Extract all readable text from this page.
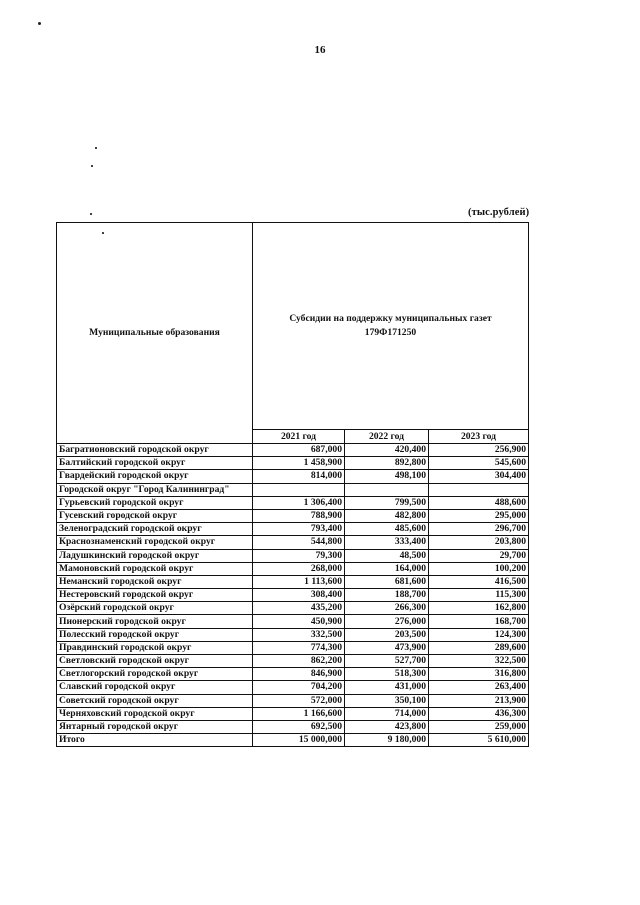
16
(тыс.рублей)
Муниципальные образования	Субсидии на поддержку муниципальных газет
179Ф171250		

	2021 год	2022 год	2023 год
Багратионовский городской округ	687,000	420,400	256,900
Балтийский городской округ	1 458,900	892,800	545,600
Гвардейский городской округ	814,000	498,100	304,400
Городской округ "Город Калининград"			
Гурьевский городской округ	1 306,400	799,500	488,600
Гусевский городской округ	788,900	482,800	295,000
Зеленоградский городской округ	793,400	485,600	296,700
Краснознаменский городской округ	544,800	333,400	203,800
Ладушкинский городской округ	79,300	48,500	29,700
Мамоновский городской округ	268,000	164,000	100,200
Неманский городской округ	1 113,600	681,600	416,500
Нестеровский городской округ	308,400	188,700	115,300
Озёрский городской округ	435,200	266,300	162,800
Пионерский городской округ	450,900	276,000	168,700
Полесский городской округ	332,500	203,500	124,300
Правдинский городской округ	774,300	473,900	289,600
Светловский городской округ	862,200	527,700	322,500
Светлогорский городской округ	846,900	518,300	316,800
Славский городской округ	704,200	431,000	263,400
Советский городской округ	572,000	350,100	213,900
Черняховский городской округ	1 166,600	714,000	436,300
Янтарный городской округ	692,500	423,800	259,000
Итого	15 000,000	9 180,000	5 610,000
